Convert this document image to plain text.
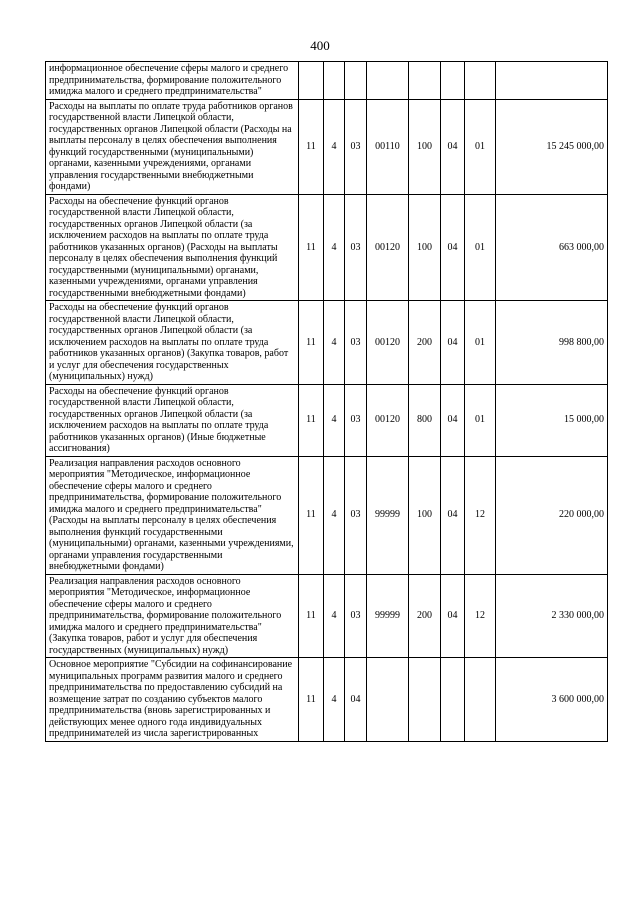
400
информационное обеспечение сферы малого и среднего предпринимательства, формирование положительного имиджа малого и среднего предпринимательства"								
Расходы на выплаты по оплате труда работников органов государственной власти Липецкой области, государственных органов Липецкой области (Расходы на выплаты персоналу в целях обеспечения выполнения функций государственными (муниципальными) органами, казенными учреждениями, органами управления государственными внебюджетными фондами)	11	4	03	00110	100	04	01	15 245 000,00
Расходы на обеспечение функций органов государственной власти Липецкой области, государственных органов Липецкой области (за исключением расходов на выплаты по оплате труда работников указанных органов) (Расходы на выплаты персоналу в целях обеспечения выполнения функций государственными (муниципальными) органами, казенными учреждениями, органами управления государственными внебюджетными фондами)	11	4	03	00120	100	04	01	663 000,00
Расходы на обеспечение функций органов государственной власти Липецкой области, государственных органов Липецкой области (за исключением расходов на выплаты по оплате труда работников указанных органов) (Закупка товаров, работ и услуг для обеспечения государственных (муниципальных) нужд)	11	4	03	00120	200	04	01	998 800,00
Расходы на обеспечение функций органов государственной власти Липецкой области, государственных органов Липецкой области (за исключением расходов на выплаты по оплате труда работников указанных органов) (Иные бюджетные ассигнования)	11	4	03	00120	800	04	01	15 000,00
Реализация направления расходов основного мероприятия "Методическое, информационное обеспечение сферы малого и среднего предпринимательства, формирование положительного имиджа малого и среднего предпринимательства" (Расходы на выплаты персоналу в целях обеспечения выполнения функций государственными (муниципальными) органами, казенными учреждениями, органами управления государственными внебюджетными фондами)	11	4	03	99999	100	04	12	220 000,00
Реализация направления расходов основного мероприятия "Методическое, информационное обеспечение сферы малого и среднего предпринимательства, формирование положительного имиджа малого и среднего предпринимательства" (Закупка товаров, работ и услуг для обеспечения государственных (муниципальных) нужд)	11	4	03	99999	200	04	12	2 330 000,00
Основное мероприятие "Субсидии на софинансирование муниципальных программ развития малого и среднего предпринимательства по предоставлению субсидий на возмещение затрат по созданию субъектов малого предпринимательства (вновь зарегистрированных и действующих менее одного года индивидуальных предпринимателей из числа зарегистрированных	11	4	04					3 600 000,00
